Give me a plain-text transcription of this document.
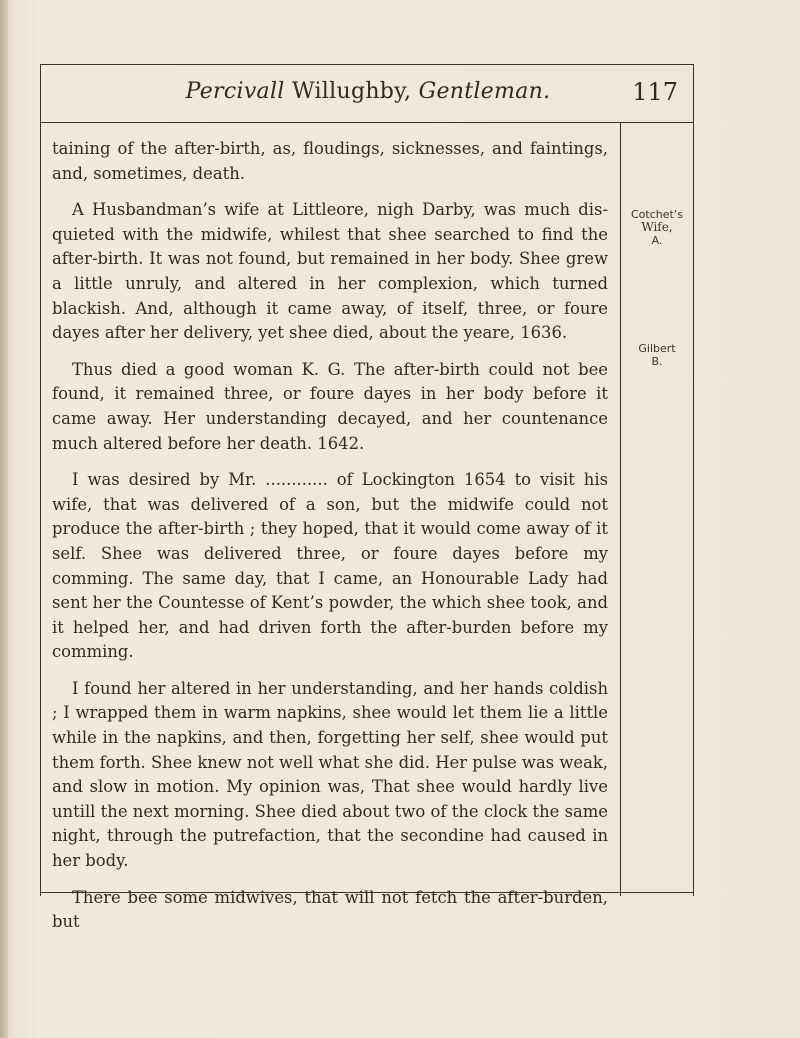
Percivall Willughby, Gentleman.	117

taining of the after-birth, as, floudings, sicknesses, and faintings, and, sometimes, death.

A Husbandman’s wife at Littleore, nigh Darby, was much disquieted with the midwife, whilest that shee searched to find the after-birth. It was not found, but remained in her body. Shee grew a little unruly, and altered in her complexion, which turned blackish. And, although it came away, of itself, three, or foure dayes after her delivery, yet shee died, about the yeare, 1636.

Thus died a good woman K. G. The after-birth could not bee found, it remained three, or foure dayes in her body before it came away. Her understanding decayed, and her countenance much altered before her death. 1642.

I was desired by Mr. ............ of Lockington 1654 to visit his wife, that was delivered of a son, but the midwife could not produce the after-birth ; they hoped, that it would come away of it self. Shee was delivered three, or foure dayes before my comming. The same day, that I came, an Honourable Lady had sent her the Countesse of Kent’s powder, the which shee took, and it helped her, and had driven forth the after-burden before my comming.

I found her altered in her understanding, and her hands coldish ; I wrapped them in warm napkins, shee would let them lie a little while in the napkins, and then, forgetting her self, shee would put them forth. Shee knew not well what she did. Her pulse was weak, and slow in motion. My opinion was, That shee would hardly live untill the next morning. Shee died about two of the clock the same night, through the putrefaction, that the secondine had caused in her body.

There bee some midwives, that will not fetch the after-burden, but

Cotchet’s
Wife,
A.
Gilbert
B.
